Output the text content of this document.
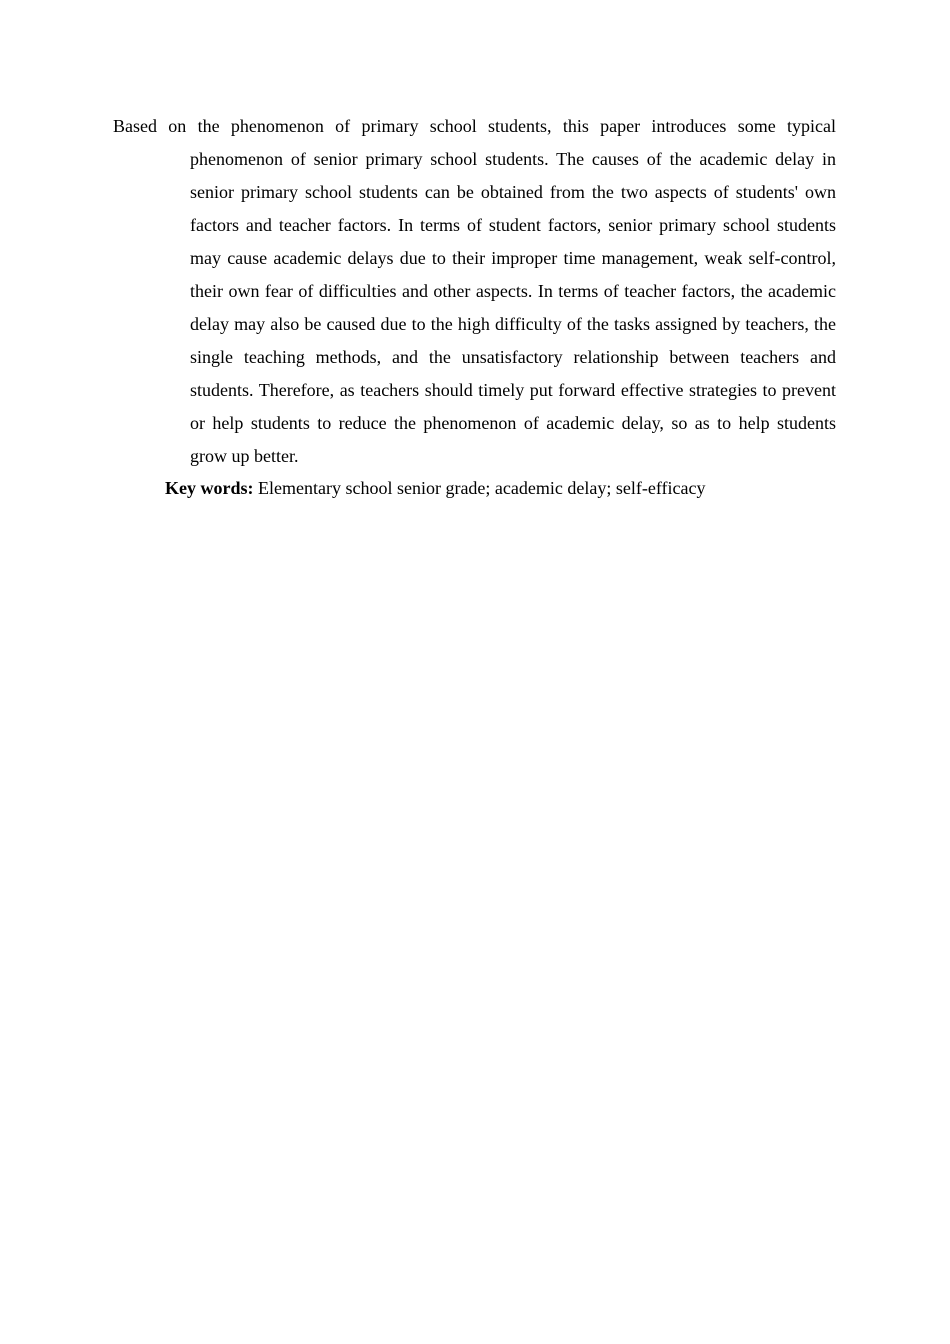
Based on the phenomenon of primary school students, this paper introduces some typical phenomenon of senior primary school students. The causes of the academic delay in senior primary school students can be obtained from the two aspects of students' own factors and teacher factors. In terms of student factors, senior primary school students may cause academic delays due to their improper time management, weak self-control, their own fear of difficulties and other aspects. In terms of teacher factors, the academic delay may also be caused due to the high difficulty of the tasks assigned by teachers, the single teaching methods, and the unsatisfactory relationship between teachers and students. Therefore, as teachers should timely put forward effective strategies to prevent or help students to reduce the phenomenon of academic delay, so as to help students grow up better.

Key words: Elementary school senior grade; academic delay; self-efficacy
